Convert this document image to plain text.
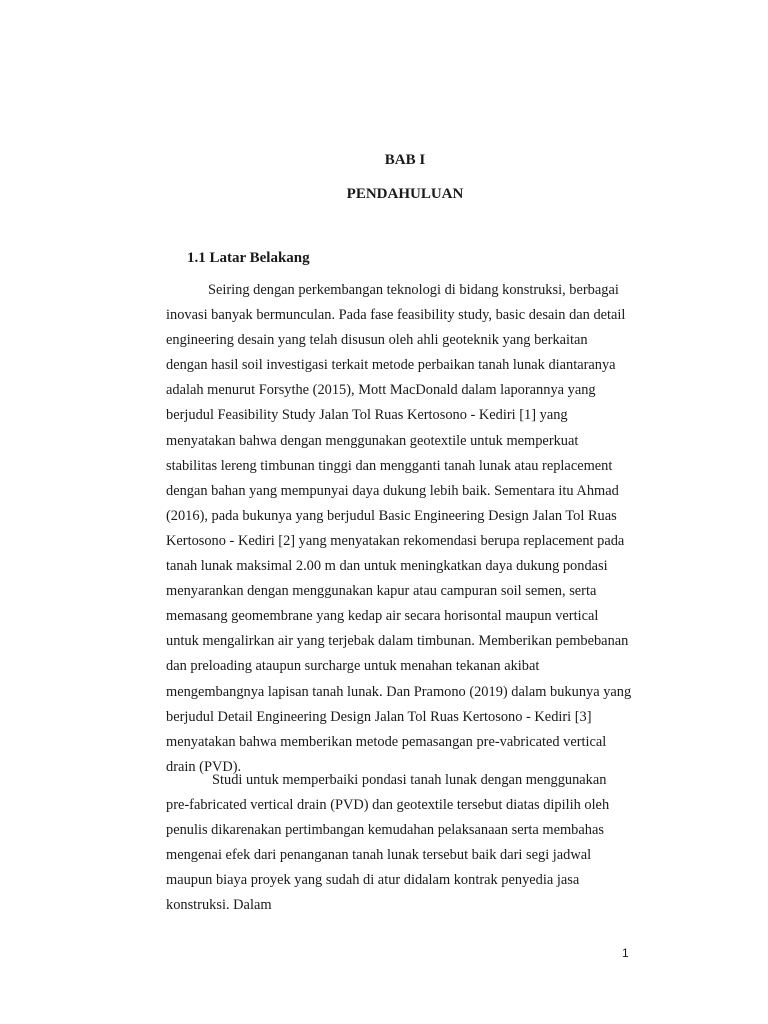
BAB I
PENDAHULUAN
1.1 Latar Belakang

Seiring dengan perkembangan teknologi di bidang konstruksi, berbagai inovasi banyak bermunculan. Pada fase feasibility study, basic desain dan detail engineering desain yang telah disusun oleh ahli geoteknik yang berkaitan dengan hasil soil investigasi terkait metode perbaikan tanah lunak diantaranya adalah menurut Forsythe (2015), Mott MacDonald dalam laporannya yang berjudul Feasibility Study Jalan Tol Ruas Kertosono - Kediri [1] yang menyatakan bahwa dengan menggunakan geotextile untuk memperkuat stabilitas lereng timbunan tinggi dan mengganti tanah lunak atau replacement dengan bahan yang mempunyai daya dukung lebih baik. Sementara itu Ahmad (2016), pada bukunya yang berjudul Basic Engineering Design Jalan Tol Ruas Kertosono - Kediri [2] yang menyatakan rekomendasi berupa replacement pada tanah lunak maksimal 2.00 m dan untuk meningkatkan daya dukung pondasi menyarankan dengan menggunakan kapur atau campuran soil semen, serta memasang geomembrane yang kedap air secara horisontal maupun vertical untuk mengalirkan air yang terjebak dalam timbunan. Memberikan pembebanan dan preloading ataupun surcharge untuk menahan tekanan akibat mengembangnya lapisan tanah lunak. Dan Pramono (2019) dalam bukunya yang berjudul Detail Engineering Design Jalan Tol Ruas Kertosono - Kediri [3] menyatakan bahwa memberikan metode pemasangan pre-vabricated vertical drain (PVD).

Studi untuk memperbaiki pondasi tanah lunak dengan menggunakan pre-fabricated vertical drain (PVD) dan geotextile tersebut diatas dipilih oleh penulis dikarenakan pertimbangan kemudahan pelaksanaan serta membahas mengenai efek dari penanganan tanah lunak tersebut baik dari segi jadwal maupun biaya proyek yang sudah di atur didalam kontrak penyedia jasa konstruksi. Dalam

1
